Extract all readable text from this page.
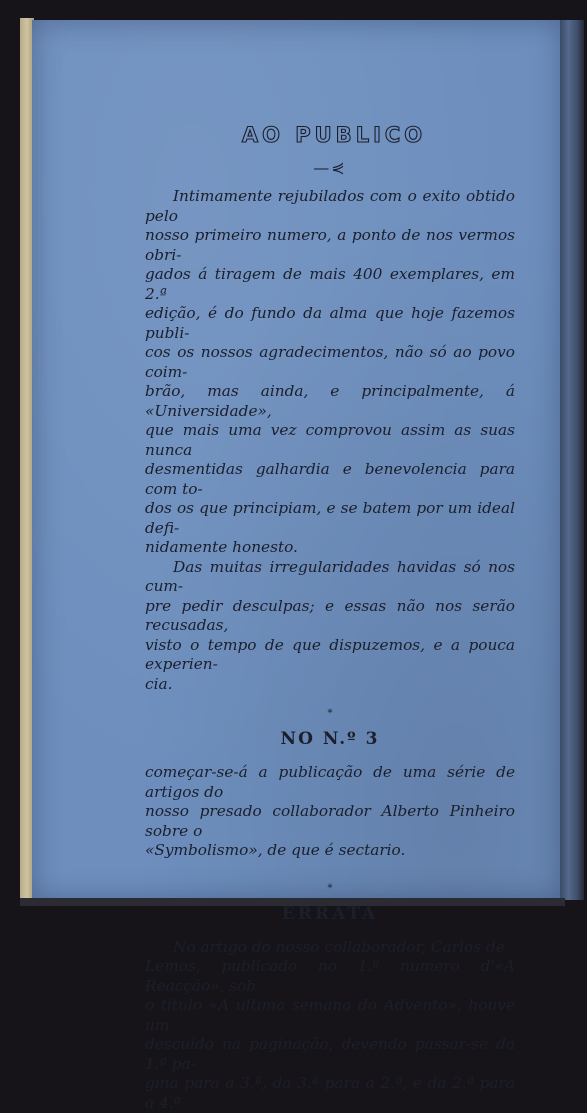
AO PUBLICO
—⋞

Intimamente rejubilados com o exito obtido pelo

nosso primeiro numero, a ponto de nos vermos obri-

gados á tiragem de mais 400 exemplares, em 2.ª

edição, é do fundo da alma que hoje fazemos publi-

cos os nossos agradecimentos, não só ao povo coim-

brão, mas ainda, e principalmente, á «Universidade»,

que mais uma vez comprovou assim as suas nunca

desmentidas galhardia e benevolencia para com to-

dos os que principiam, e se batem por um ideal defi-

nidamente honesto.

Das muitas irregularidades havidas só nos cum-

pre pedir desculpas; e essas não nos serão recusadas,

visto o tempo de que dispuzemos, e a pouca experien-

cia.

*
NO N.º 3

começar-se-á a publicação de uma série de artigos do

nosso presado collaborador Alberto Pinheiro sobre o

«Symbolismo», de que é sectario.

*
ERRATA

No artigo do nosso collaborador, Carlos de

Lemos, publicado no 1.º numero d'«A Reacção», sob

o titulo «A ultima semana do Advento», houve um

descuido na paginação, devendo passar-se da 1.ª pa-

gina para a 3.ª, da 3.ª para a 2.ª, e da 2.ª para a 4.ª
